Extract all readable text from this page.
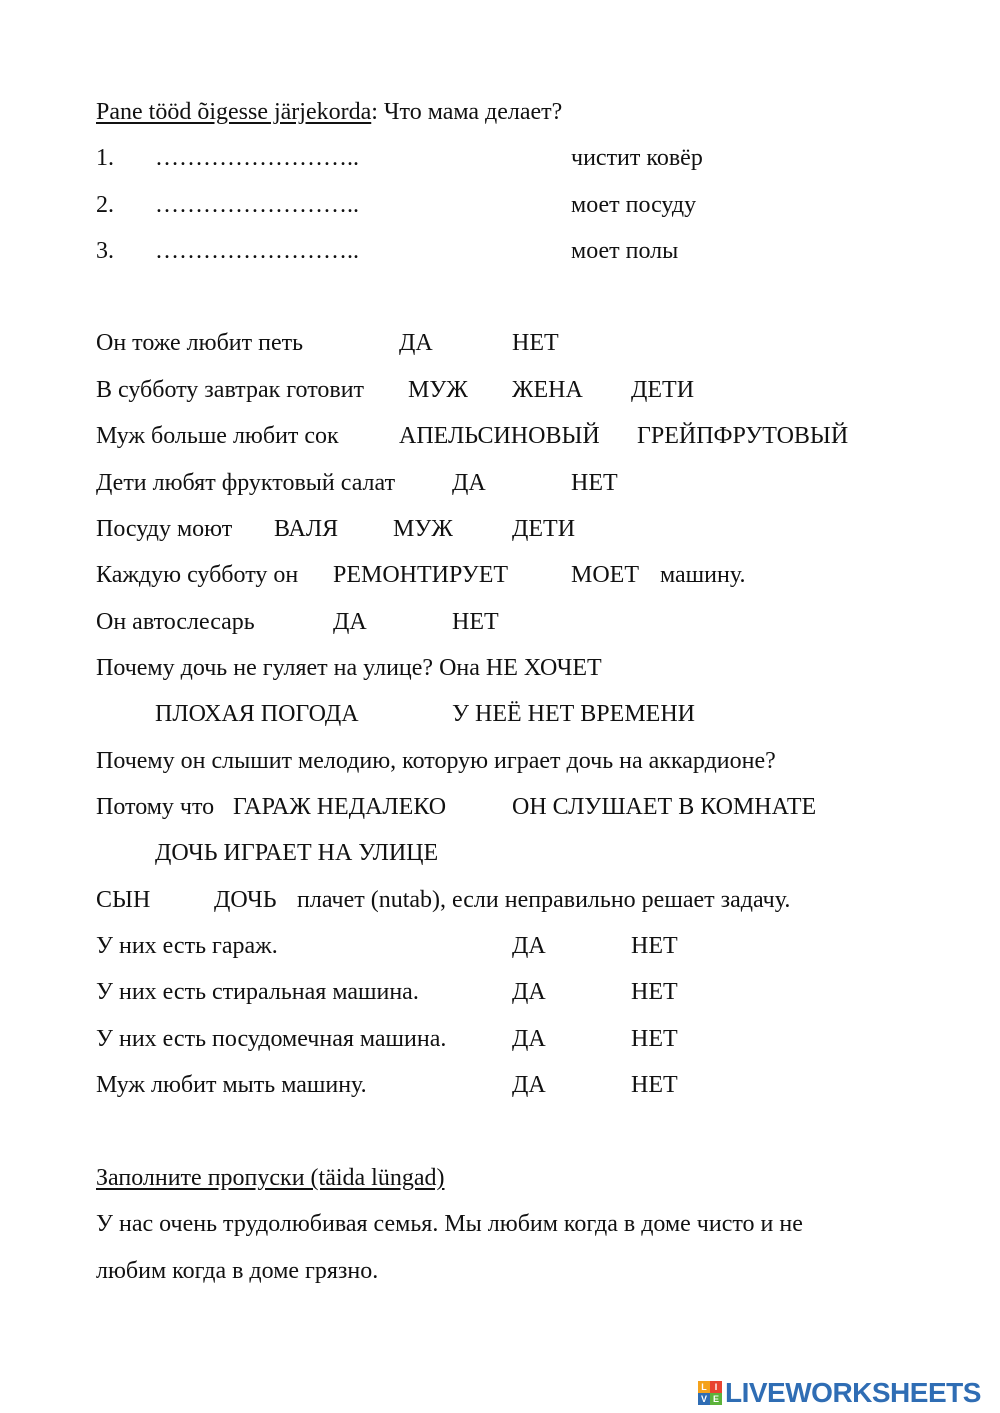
Pane tööd õigesse järjekorda: Что мама делает?
1. ……………………..	чистит ковёр
2. ……………………..	моет посуду
3. ……………………..	моет полы
Он тоже любит петь	ДА	НЕТ
В субботу завтрак готовит МУЖ ЖЕНА ДЕТИ
Муж больше любит сок	АПЕЛЬСИНОВЫЙ ГРЕЙПФРУТОВЫЙ
Дети любят фруктовый салат ДА	НЕТ
Посуду моют ВАЛЯ МУЖ ДЕТИ
Каждую субботу он РЕМОНТИРУЕТ	МОЕТ машину.
Он автослесарь	ДА	НЕТ
Почему дочь не гуляет на улице? Она НЕ ХОЧЕТ
ПЛОХАЯ ПОГОДА	У НЕЁ НЕТ ВРЕМЕНИ
Почему он слышит мелодию, которую играет дочь на аккардионе?
Потому что ГАРАЖ НЕДАЛЕКО	ОН СЛУШАЕТ В КОМНАТЕ
ДОЧЬ ИГРАЕТ НА УЛИЦЕ
СЫН	ДОЧЬ плачет (nutab), если неправильно решает задачу.
У них есть гараж.	ДА	НЕТ
У них есть стиральная машина.	ДА	НЕТ
У них есть посудомечная машина.	ДА	НЕТ
Муж любит мыть машину.	ДА	НЕТ
Заполните пропуски (täida lüngad)
У нас очень трудолюбивая семья. Мы любим когда в доме чисто и не
любим когда в доме грязно.
L I
V E LIVEWORKSHEETS
